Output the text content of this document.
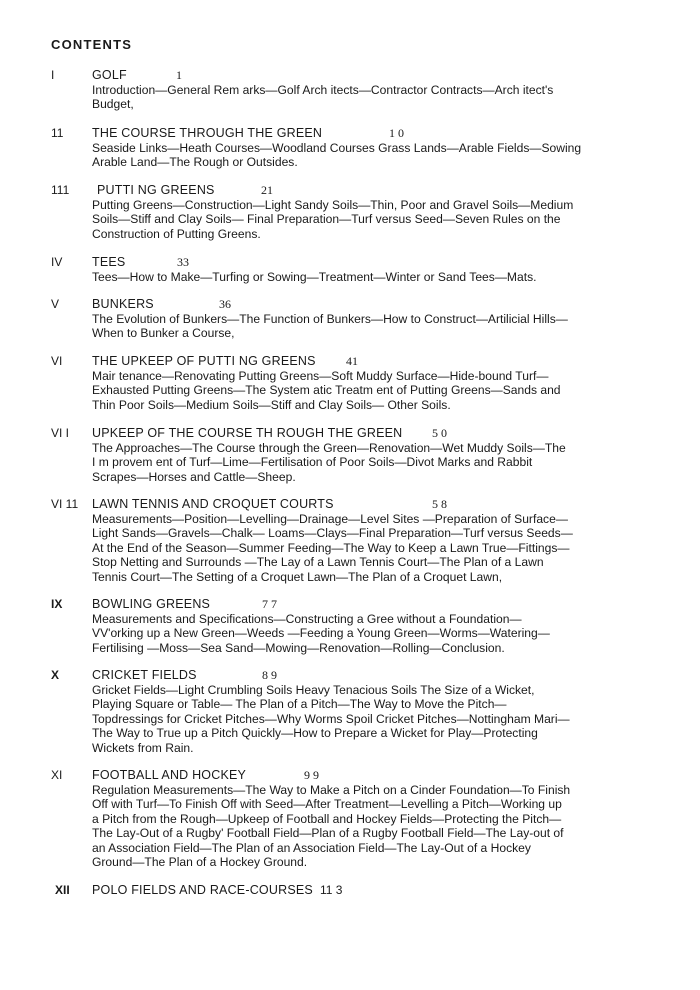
CONTENTS
I	GOLF	1
Introduction—General Rem arks—Golf Arch itects—Contractor Contracts—Arch itect's
Budget,
11 THE COURSE THROUGH THE GREEN	1 0
Seaside Links—Heath Courses—Woodland Courses Grass Lands—Arable Fields—Sowing
Arable Land—The Rough or Outsides.
111 PUTTI NG GREENS	21
Putting Greens—Construction—Light Sandy Soils—Thin, Poor and Gravel Soils—Medium
Soils—Stiff and Clay Soils— Final Preparation—Turf versus Seed—Seven Rules on the
Construction of Putting Greens.
IV TEES	33
Tees—How to Make—Turfing or Sowing—Treatment—Winter or Sand Tees—Mats.
V	BUNKERS	36
The Evolution of Bunkers—The Function of Bunkers—How to Construct—Artilicial Hills—
When to Bunker a Course,
VI THE UPKEEP OF PUTTI NG GREENS	41
Mair tenance—Renovating Putting Greens—Soft Muddy Surface—Hide-bound Turf—
Exhausted Putting Greens—The System atic Treatm ent of Putting Greens—Sands and
Thin Poor Soils—Medium Soils—Stiff and Clay Soils— Other Soils.
VI I UPKEEP OF THE COURSE TH ROUGH THE GREEN 5 0
The Approaches—The Course through the Green—Renovation—Wet Muddy Soils—The
I m provem ent of Turf—Lime—Fertilisation of Poor Soils—Divot Marks and Rabbit
Scrapes—Horses and Cattle—Sheep.
VI 11 LAWN TENNIS AND CROQUET COURTS	5 8
Measurements—Position—Levelling—Drainage—Level Sites —Preparation of Surface—
Light Sands—Gravels—Chalk— Loams—Clays—Final Preparation—Turf versus Seeds—
At the End of the Season—Summer Feeding—The Way to Keep a Lawn True—Fittings—
Stop Netting and Surrounds —The Lay of a Lawn Tennis Court—The Plan of a Lawn
Tennis Court—The Setting of a Croquet Lawn—The Plan of a Croquet Lawn,
IX BOWLING GREENS	7 7
Measurements and Specifications—Constructing a Gree without a Foundation—
VV'orking up a New Green—Weeds —Feeding a Young Green—Worms—Watering—
Fertilising —Moss—Sea Sand—Mowing—Renovation—Rolling—Conclusion.
X	CRICKET FIELDS	8 9
Gricket Fields—Light Crumbling Soils Heavy Tenacious Soils The Size of a Wicket,
Playing Square or Table— The Plan of a Pitch—The Way to Move the Pitch—
Topdressings for Cricket Pitches—Why Worms Spoil Cricket Pitches—Nottingham Mari—
The Way to True up a Pitch Quickly—How to Prepare a Wicket for Play—Protecting
Wickets from Rain.
XI FOOTBALL AND HOCKEY	9 9
Regulation Measurements—The Way to Make a Pitch on a Cinder Foundation—To Finish
Off with Turf—To Finish Off with Seed—After Treatment—Levelling a Pitch—Working up
a Pitch from the Rough—Upkeep of Football and Hockey Fields—Protecting the Pitch—
The Lay-Out of a Rugby' Football Field—Plan of a Rugby Football Field—The Lay-out of
an Association Field—The Plan of an Association Field—The Lay-Out of a Hockey
Ground—The Plan of a Hockey Ground.
XII POLO FIELDS AND RACE-COURSES 11 3
